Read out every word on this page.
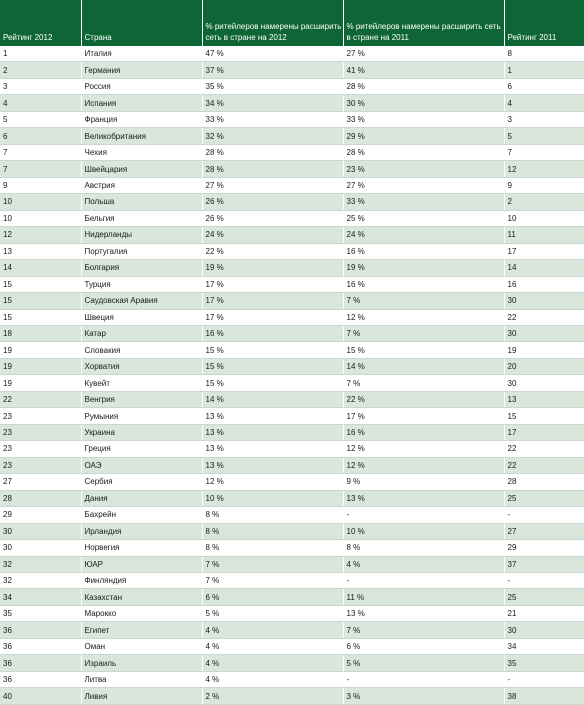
Рейтинг 2012	Страна	% ритейлеров намерены расширить сеть в стране на 2012	% ритейлеров намерены расширить сеть в стране на 2011	Рейтинг 2011
1	Италия	47 %	27 %	8
2	Германия	37 %	41 %	1
3	Россия	35 %	28 %	6
4	Испания	34 %	30 %	4
5	Франция	33 %	33 %	3
6	Великобритания	32 %	29 %	5
7	Чехия	28 %	28 %	7
7	Швейцария	28 %	23 %	12
9	Австрия	27 %	27 %	9
10	Польша	26 %	33 %	2
10	Бельгия	26 %	25 %	10
12	Нидерланды	24 %	24 %	11
13	Португалия	22 %	16 %	17
14	Болгария	19 %	19 %	14
15	Турция	17 %	16 %	16
15	Саудовская Аравия	17 %	7 %	30
15	Швеция	17 %	12 %	22
18	Катар	16 %	7 %	30
19	Словакия	15 %	15 %	19
19	Хорватия	15 %	14 %	20
19	Кувейт	15 %	7 %	30
22	Венгрия	14 %	22 %	13
23	Румыния	13 %	17 %	15
23	Украина	13 %	16 %	17
23	Греция	13 %	12 %	22
23	ОАЭ	13 %	12 %	22
27	Сербия	12 %	9 %	28
28	Дания	10 %	13 %	25
29	Бахрейн	8 %	-	-
30	Ирландия	8 %	10 %	27
30	Норвегия	8 %	8 %	29
32	ЮАР	7 %	4 %	37
32	Финляндия	7 %	-	-
34	Казахстан	6 %	11 %	25
35	Марокко	5 %	13 %	21
36	Египет	4 %	7 %	30
36	Оман	4 %	6 %	34
36	Израиль	4 %	5 %	35
36	Литва	4 %	-	-
40	Ливия	2 %	3 %	38
